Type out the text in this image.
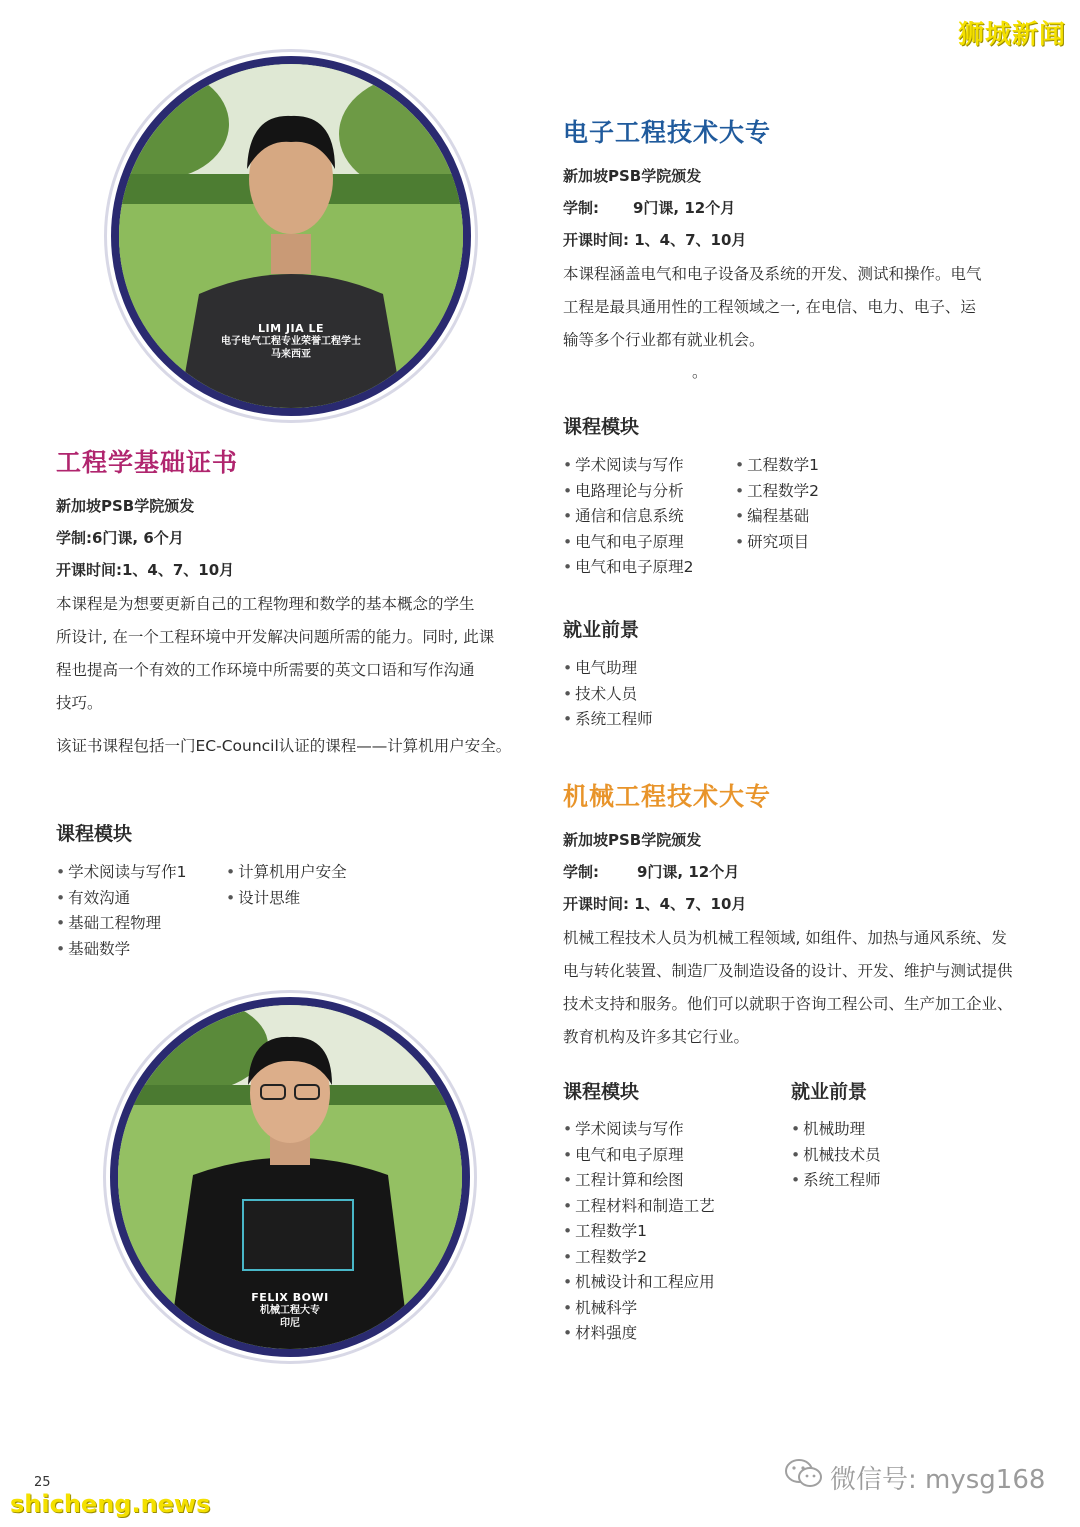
狮城新闻
LIM JIA LE
电子电气工程专业荣誉工程学士
马来西亚
工程学基础证书
新加坡PSB学院颁发
学制:6门课, 6个月
开课时间:1、4、7、10月
本课程是为想要更新自己的工程物理和数学的基本概念的学生
所设计, 在一个工程环境中开发解决问题所需的能力。同时, 此课
程也提高一个有效的工作环境中所需要的英文口语和写作沟通
技巧。
该证书课程包括一门EC-Council认证的课程——计算机用户安全。
课程模块
• 学术阅读与写作1
• 有效沟通
• 基础工程物理
• 基础数学
• 计算机用户安全
• 设计思维
FELIX BOWI
机械工程大专
印尼
电子工程技术大专
新加坡PSB学院颁发
学制: 9门课, 12个月
开课时间: 1、4、7、10月
本课程涵盖电气和电子设备及系统的开发、测试和操作。电气
工程是最具通用性的工程领域之一, 在电信、电力、电子、运
输等多个行业都有就业机会。
。
课程模块
• 学术阅读与写作
• 电路理论与分析
• 通信和信息系统
• 电气和电子原理
• 电气和电子原理2
• 工程数学1
• 工程数学2
• 编程基础
• 研究项目
就业前景
• 电气助理
• 技术人员
• 系统工程师
机械工程技术大专
新加坡PSB学院颁发
学制:	9门课, 12个月
开课时间: 1、4、7、10月
机械工程技术人员为机械工程领域, 如组件、加热与通风系统、发
电与转化装置、制造厂及制造设备的设计、开发、维护与测试提供
技术支持和服务。他们可以就职于咨询工程公司、生产加工企业、
教育机构及许多其它行业。
课程模块
• 学术阅读与写作
• 电气和电子原理
• 工程计算和绘图
• 工程材料和制造工艺
• 工程数学1
• 工程数学2
• 机械设计和工程应用
• 机械科学
• 材料强度
就业前景
• 机械助理
• 机械技术员
• 系统工程师
25
shicheng.news
微信号: mysg168
